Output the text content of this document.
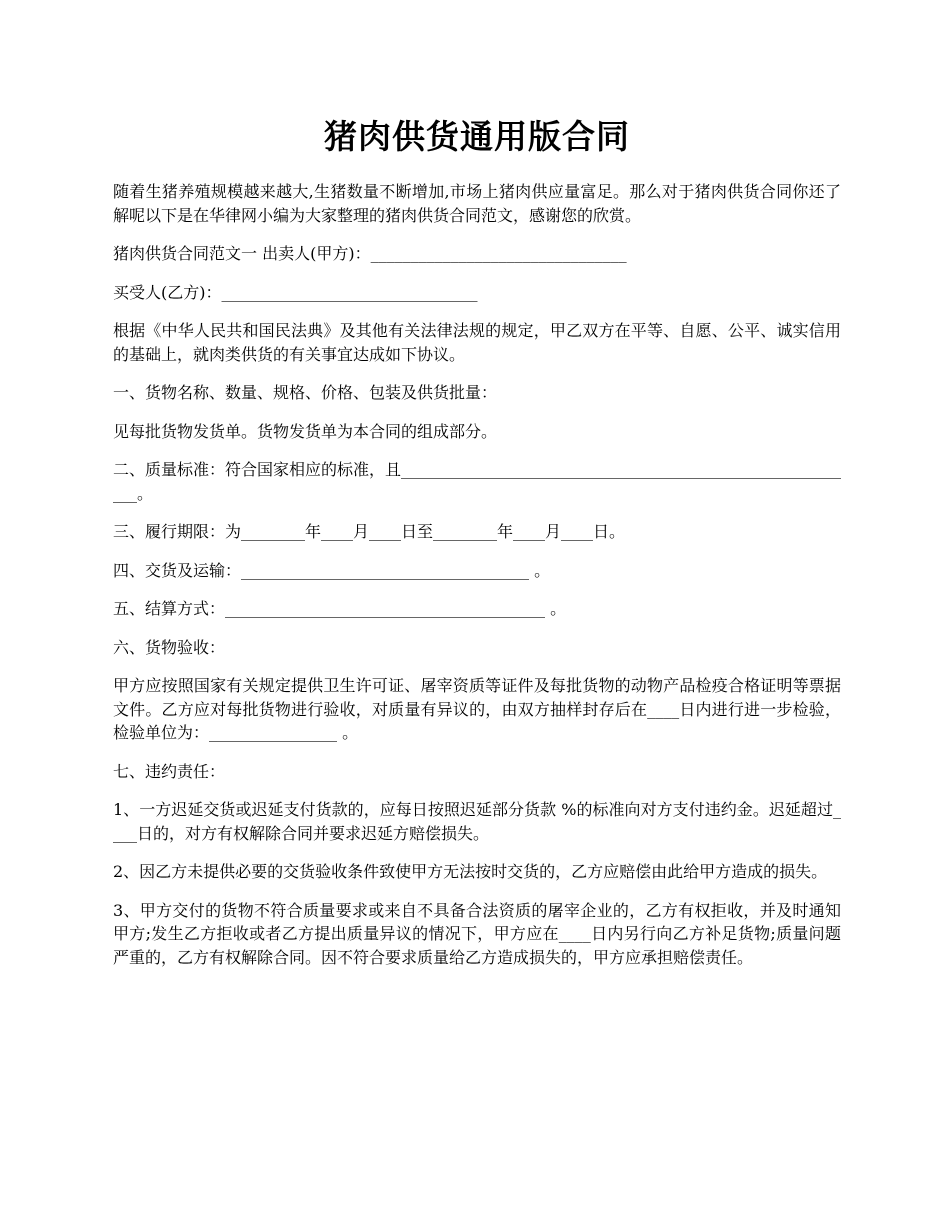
猪肉供货通用版合同

随着生猪养殖规模越来越大,生猪数量不断增加,市场上猪肉供应量富足。那么对于猪肉供货合同你还了解呢以下是在华律网小编为大家整理的猪肉供货合同范文，感谢您的欣赏。

猪肉供货合同范文一 出卖人(甲方)：________________________________

买受人(乙方)：________________________________

根据《中华人民共和国民法典》及其他有关法律法规的规定，甲乙双方在平等、自愿、公平、诚实信用的基础上，就肉类供货的有关事宜达成如下协议。

一、货物名称、数量、规格、价格、包装及供货批量：

见每批货物发货单。货物发货单为本合同的组成部分。

二、质量标准：符合国家相应的标准，且__________________________________________________________。

三、履行期限：为________年____月____日至________年____月____日。

四、交货及运输：____________________________________ 。

五、结算方式：________________________________________ 。

六、货物验收：

甲方应按照国家有关规定提供卫生许可证、屠宰资质等证件及每批货物的动物产品检疫合格证明等票据文件。乙方应对每批货物进行验收，对质量有异议的，由双方抽样封存后在____日内进行进一步检验，检验单位为：________________ 。

七、违约责任：

1、一方迟延交货或迟延支付货款的，应每日按照迟延部分货款 %的标准向对方支付违约金。迟延超过____日的，对方有权解除合同并要求迟延方赔偿损失。

2、因乙方未提供必要的交货验收条件致使甲方无法按时交货的，乙方应赔偿由此给甲方造成的损失。

3、甲方交付的货物不符合质量要求或来自不具备合法资质的屠宰企业的，乙方有权拒收，并及时通知甲方;发生乙方拒收或者乙方提出质量异议的情况下，甲方应在____日内另行向乙方补足货物;质量问题严重的，乙方有权解除合同。因不符合要求质量给乙方造成损失的，甲方应承担赔偿责任。
